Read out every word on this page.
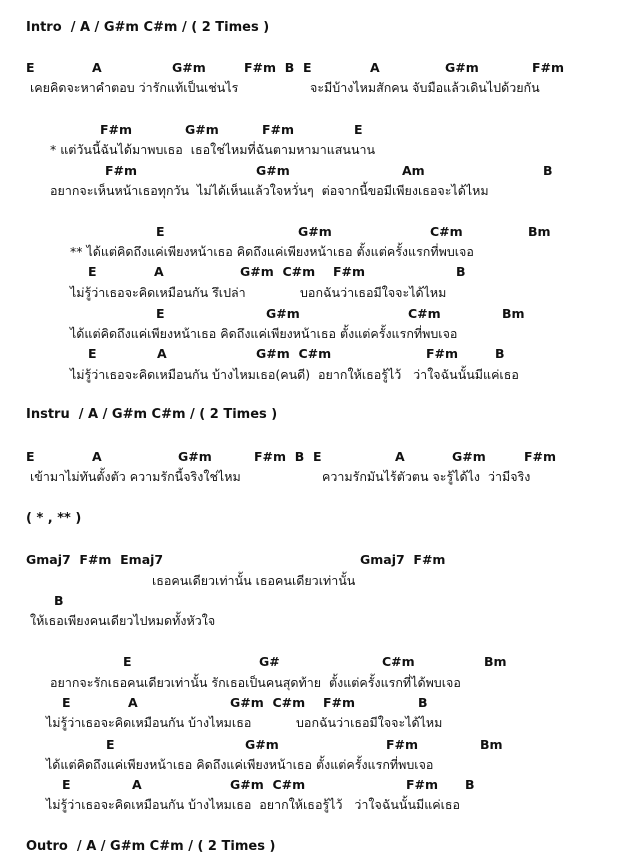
Intro  / A / G#m C#m / ( 2 Times )
E	A	G#m	F#m  B  E	A	G#m	F#m
เคยคิดจะหาคำตอบ ว่ารักแท้เป็นเช่นไร	จะมีบ้างไหมสักคน จับมือแล้วเดินไปด้วยกัน
F#m	G#m	F#m	E
* แต่วันนี้ฉันได้มาพบเธอ  เธอใช่ไหมที่ฉันตามหามาแสนนาน
F#m	G#m	Am	B
อยากจะเห็นหน้าเธอทุกวัน  ไม่ได้เห็นแล้วใจหวั่นๆ  ต่อจากนี้ขอมีเพียงเธอจะได้ไหม
E	G#m	C#m	Bm
** ได้แต่คิดถึงแค่เพียงหน้าเธอ คิดถึงแค่เพียงหน้าเธอ ตั้งแต่ครั้งแรกที่พบเจอ
E	A	G#m  C#m F#m	B
ไม่รู้ว่าเธอจะคิดเหมือนกัน รึเปล่า	บอกฉันว่าเธอมีใจจะได้ไหม
E	G#m	C#m	Bm
ได้แต่คิดถึงแค่เพียงหน้าเธอ คิดถึงแค่เพียงหน้าเธอ ตั้งแต่ครั้งแรกที่พบเจอ
E	A	G#m  C#m	F#m	B
ไม่รู้ว่าเธอจะคิดเหมือนกัน บ้างไหมเธอ(คนดี)  อยากให้เธอรู้ไว้   ว่าใจฉันนั้นมีแค่เธอ
Instru  / A / G#m C#m / ( 2 Times )
E	A	G#m	F#m  B  E	A	G#m	F#m
เข้ามาไม่ทันตั้งตัว ความรักนี้จริงใช่ไหม	ความรักมันไร้ตัวตน จะรู้ได้ไง  ว่ามีจริง
( * , ** )
Gmaj7  F#m  Emaj7	Gmaj7  F#m
เธอคนเดียวเท่านั้น เธอคนเดียวเท่านั้น
B
ให้เธอเพียงคนเดียวไปหมดทั้งหัวใจ
E	G#	C#m	Bm
อยากจะรักเธอคนเดียวเท่านั้น รักเธอเป็นคนสุดท้าย  ตั้งแต่ครั้งแรกที่ได้พบเจอ
E	A	G#m  C#m F#m	B
ไม่รู้ว่าเธอจะคิดเหมือนกัน บ้างไหมเธอ	บอกฉันว่าเธอมีใจจะได้ไหม
E	G#m	F#m	Bm
ได้แต่คิดถึงแค่เพียงหน้าเธอ คิดถึงแค่เพียงหน้าเธอ ตั้งแต่ครั้งแรกที่พบเจอ
E	A	G#m  C#m	F#m B
ไม่รู้ว่าเธอจะคิดเหมือนกัน บ้างไหมเธอ  อยากให้เธอรู้ไว้   ว่าใจฉันนั้นมีแค่เธอ
Outro  / A / G#m C#m / ( 2 Times )
